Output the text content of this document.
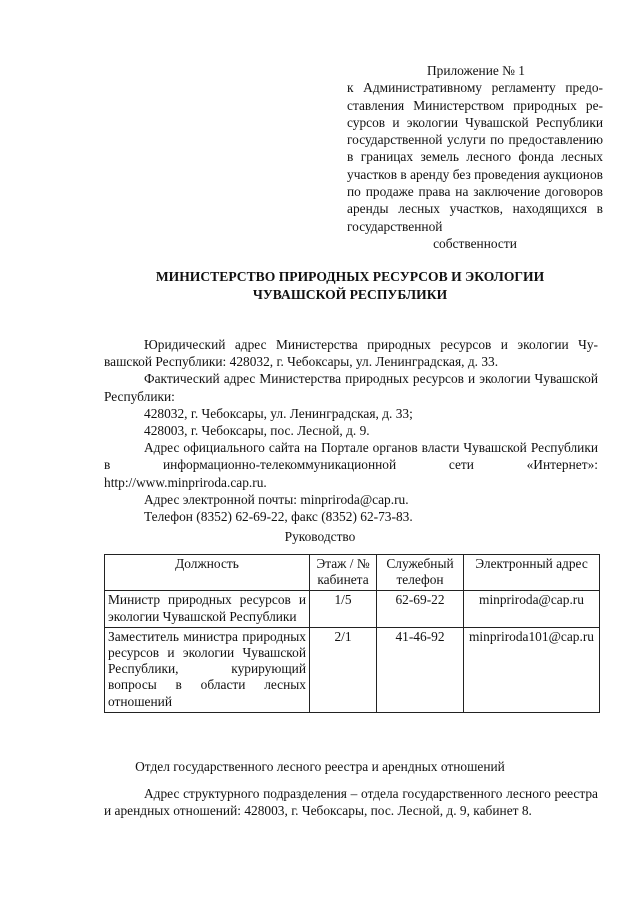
Приложение № 1
к Административному регламенту предоставления Министерством природных ресурсов и экологии Чувашской Республики государственной услуги по предоставлению в границах земель лесного фонда лесных участков в аренду без проведения аукционов по продаже права на заключение договоров аренды лесных участков, находящихся в государственной
собственности
МИНИСТЕРСТВО ПРИРОДНЫХ РЕСУРСОВ И ЭКОЛОГИИ
ЧУВАШСКОЙ РЕСПУБЛИКИ
Юридический адрес Министерства природных ресурсов и экологии Чувашской Республики: 428032, г. Чебоксары, ул. Ленинградская, д. 33.
Фактический адрес Министерства природных ресурсов и экологии Чувашской Республики:
428032, г. Чебоксары, ул. Ленинградская, д. 33;
428003, г. Чебоксары, пос. Лесной, д. 9.
Адрес официального сайта на Портале органов власти Чувашской Республики в информационно-телекоммуникационной сети «Интернет»: http://www.minpriroda.cap.ru.
Адрес электронной почты: minpriroda@cap.ru.
Телефон (8352) 62-69-22, факс (8352) 62-73-83.
Руководство
Должность	Этаж / № кабинета	Служебный телефон	Электронный адрес
Министр природных ресурсов и экологии Чувашской Республики	1/5	62-69-22	minpriroda@cap.ru
Заместитель министра природных ресурсов и экологии Чувашской Республики, курирующий вопросы в области лесных отношений	2/1	41-46-92	minpriroda101@cap.ru
Отдел государственного лесного реестра и арендных отношений
Адрес структурного подразделения – отдела государственного лесного реестра и арендных отношений: 428003, г. Чебоксары, пос. Лесной, д. 9, кабинет 8.
